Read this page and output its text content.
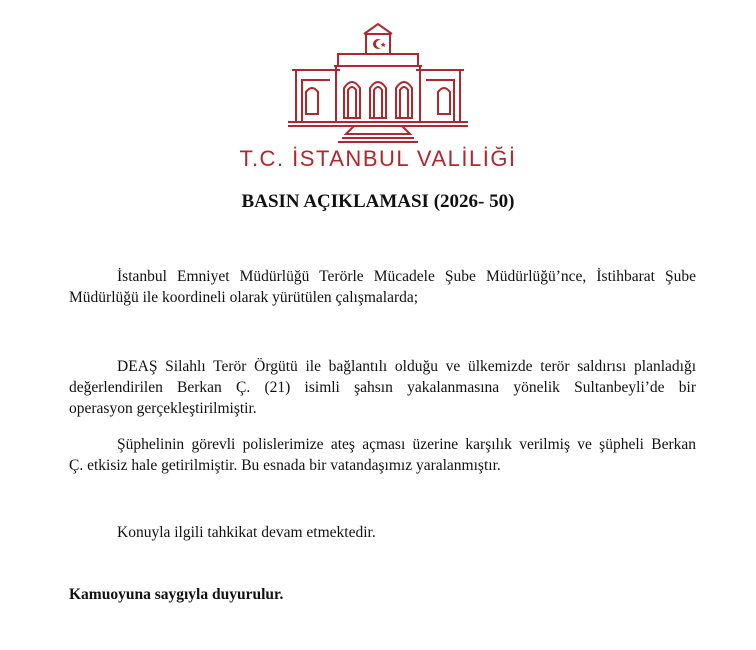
T.C. İSTANBUL VALİLİĞİ
BASIN AÇIKLAMASI (2026- 50)

İstanbul Emniyet Müdürlüğü Terörle Mücadele Şube Müdürlüğü’nce, İstihbarat Şube
Müdürlüğü ile koordineli olarak yürütülen çalışmalarda;

DEAŞ Silahlı Terör Örgütü ile bağlantılı olduğu ve ülkemizde terör saldırısı planladığı
değerlendirilen Berkan Ç. (21) isimli şahsın yakalanmasına yönelik Sultanbeyli’de bir
operasyon gerçekleştirilmiştir.

Şüphelinin görevli polislerimize ateş açması üzerine karşılık verilmiş ve şüpheli Berkan
Ç. etkisiz hale getirilmiştir. Bu esnada bir vatandaşımız yaralanmıştır.

Konuyla ilgili tahkikat devam etmektedir.

Kamuoyuna saygıyla duyurulur.
